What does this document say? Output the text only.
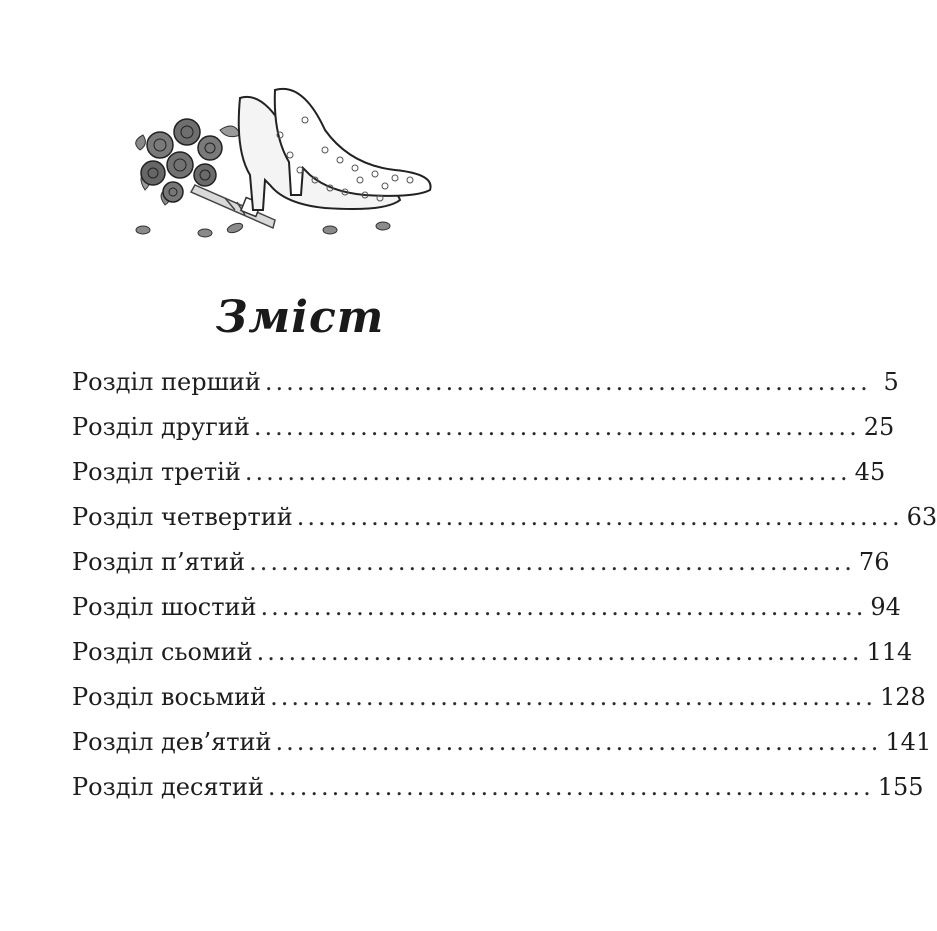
Зміст
Розділ перший ......................................................... 5
Розділ другий ......................................................... 25
Розділ третій ......................................................... 45
Розділ четвертий ......................................................... 63
Розділ п’ятий ......................................................... 76
Розділ шостий ......................................................... 94
Розділ сьомий ......................................................... 114
Розділ восьмий ......................................................... 128
Розділ дев’ятий ......................................................... 141
Розділ десятий ......................................................... 155
